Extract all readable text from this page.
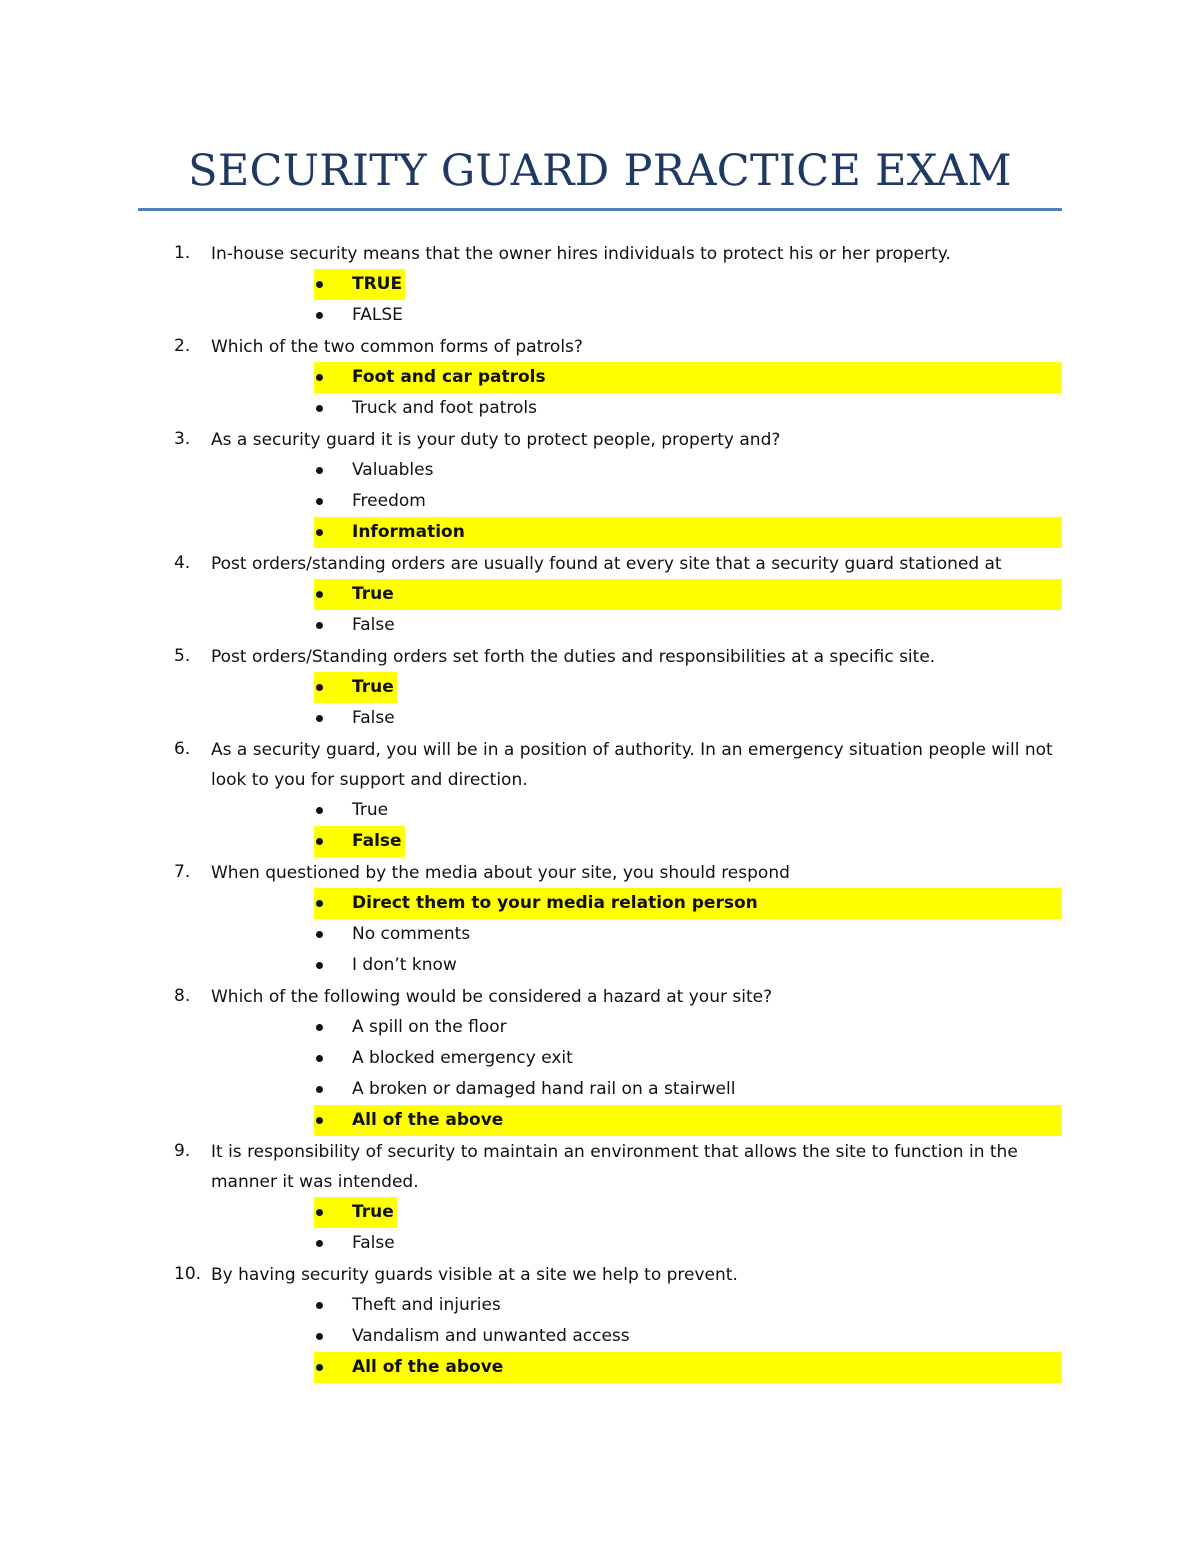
SECURITY GUARD PRACTICE EXAM
1. In-house security means that the owner hires individuals to protect his or her property.
TRUE
FALSE
2. Which of the two common forms of patrols?
Foot and car patrols
Truck and foot patrols
3. As a security guard it is your duty to protect people, property and?
Valuables
Freedom
Information
4. Post orders/standing orders are usually found at every site that a security guard stationed at
True
False
5. Post orders/Standing orders set forth the duties and responsibilities at a specific site.
True
False
6. As a security guard, you will be in a position of authority. In an emergency situation people will not look to you for support and direction.
True
False
7. When questioned by the media about your site, you should respond
Direct them to your media relation person
No comments
I don’t know
8. Which of the following would be considered a hazard at your site?
A spill on the floor
A blocked emergency exit
A broken or damaged hand rail on a stairwell
All of the above
9. It is responsibility of security to maintain an environment that allows the site to function in the manner it was intended.
True
False
10. By having security guards visible at a site we help to prevent.
Theft and injuries
Vandalism and unwanted access
All of the above
